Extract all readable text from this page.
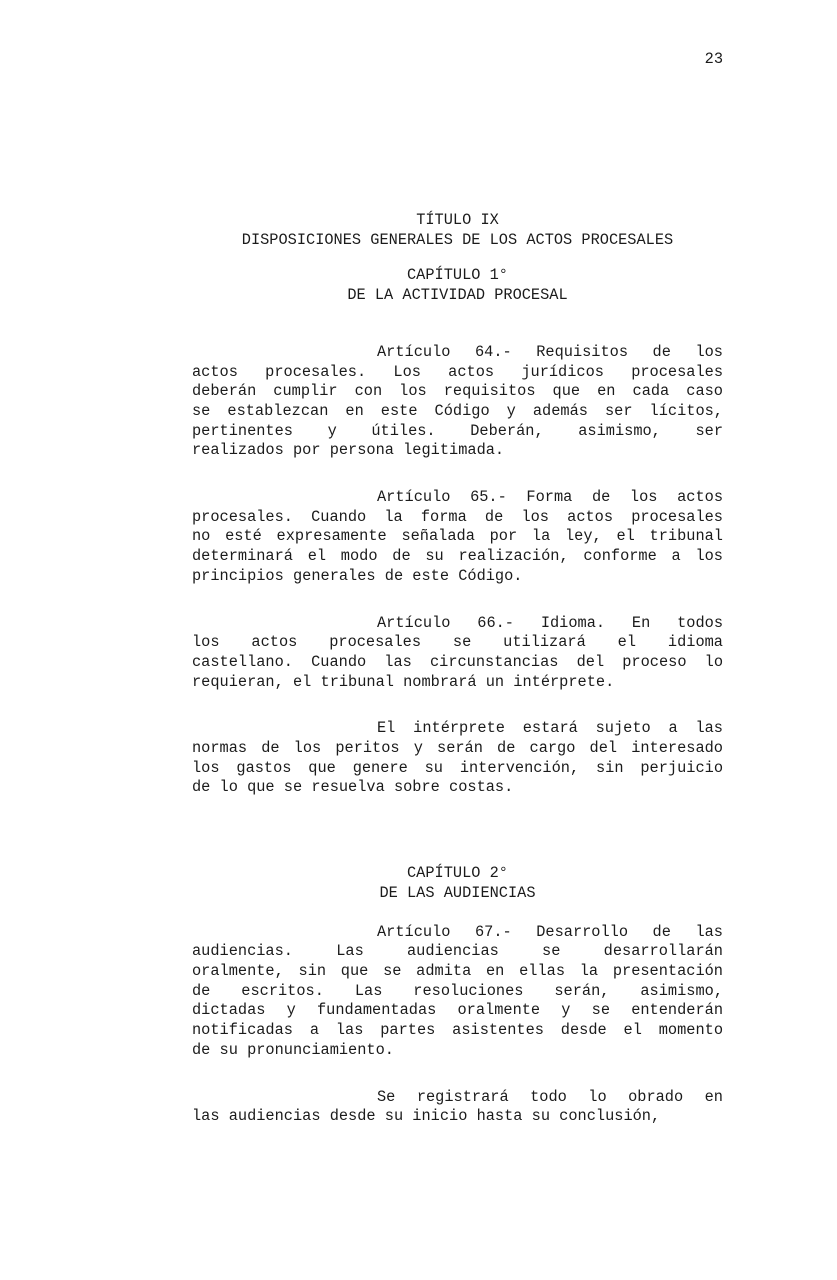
23
TÍTULO IX
DISPOSICIONES GENERALES DE LOS ACTOS PROCESALES
CAPÍTULO 1°
DE LA ACTIVIDAD PROCESAL
Artículo 64.- Requisitos de los
actos procesales. Los actos jurídicos procesales
deberán cumplir con los requisitos que en cada caso
se establezcan en este Código y además ser lícitos,
pertinentes y útiles. Deberán, asimismo, ser
realizados por persona legitimada.
Artículo 65.- Forma de los actos
procesales. Cuando la forma de los actos procesales
no esté expresamente señalada por la ley, el tribunal
determinará el modo de su realización, conforme a los
principios generales de este Código.
Artículo 66.- Idioma. En todos
los actos procesales se utilizará el idioma
castellano. Cuando las circunstancias del proceso lo
requieran, el tribunal nombrará un intérprete.
El intérprete estará sujeto a las
normas de los peritos y serán de cargo del interesado
los gastos que genere su intervención, sin perjuicio
de lo que se resuelva sobre costas.
CAPÍTULO 2°
DE LAS AUDIENCIAS
Artículo 67.- Desarrollo de las
audiencias. Las audiencias se desarrollarán
oralmente, sin que se admita en ellas la presentación
de escritos. Las resoluciones serán, asimismo,
dictadas y fundamentadas oralmente y se entenderán
notificadas a las partes asistentes desde el momento
de su pronunciamiento.
Se registrará todo lo obrado en
las audiencias desde su inicio hasta su conclusión,
